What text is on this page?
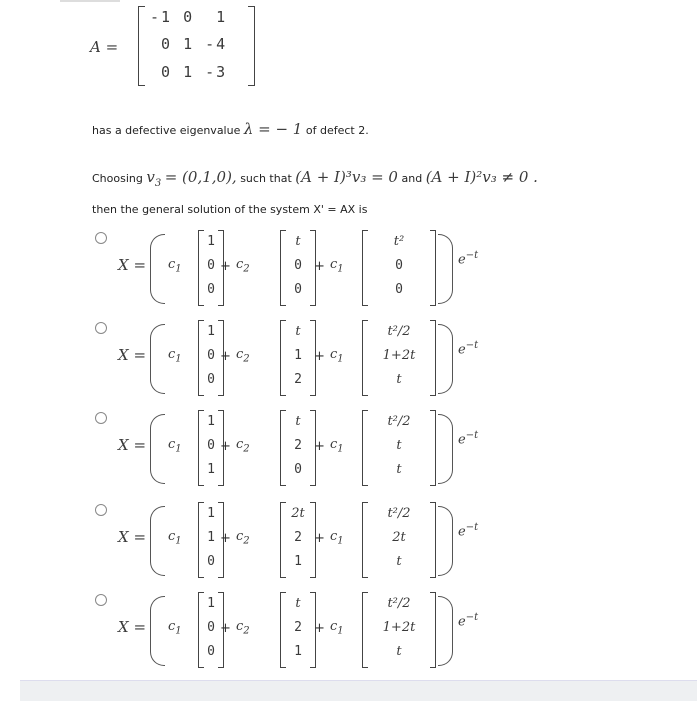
A =
-1 0  1
0 1 -4
0 1 -3
has a defective eigenvalue λ = − 1 of defect 2.
Choosing $v_3 = (0,1,0)$, such that (A + I)³v₃ = 0 and (A + I)²v₃ ≠ 0 .
then the general solution of the system X' = AX is
$X = c_1$
1
0
0
+ $c_2$
t
0
0
+ $c_1$
t²
0
0
$e^{-t}$
$X = c_1$
1
0
0
+ $c_2$
t
1
2
+ $c_1$
t²/2
1+2t
t
$e^{-t}$
$X = c_1$
1
0
1
+ $c_2$
t
2
0
+ $c_1$
t²/2
t
t
$e^{-t}$
$X = c_1$
1
1
0
+ $c_2$
2t
2
1
+ $c_1$
t²/2
2t
t
$e^{-t}$
$X = c_1$
1
0
0
+ $c_2$
t
2
1
+ $c_1$
t²/2
1+2t
t
$e^{-t}$
